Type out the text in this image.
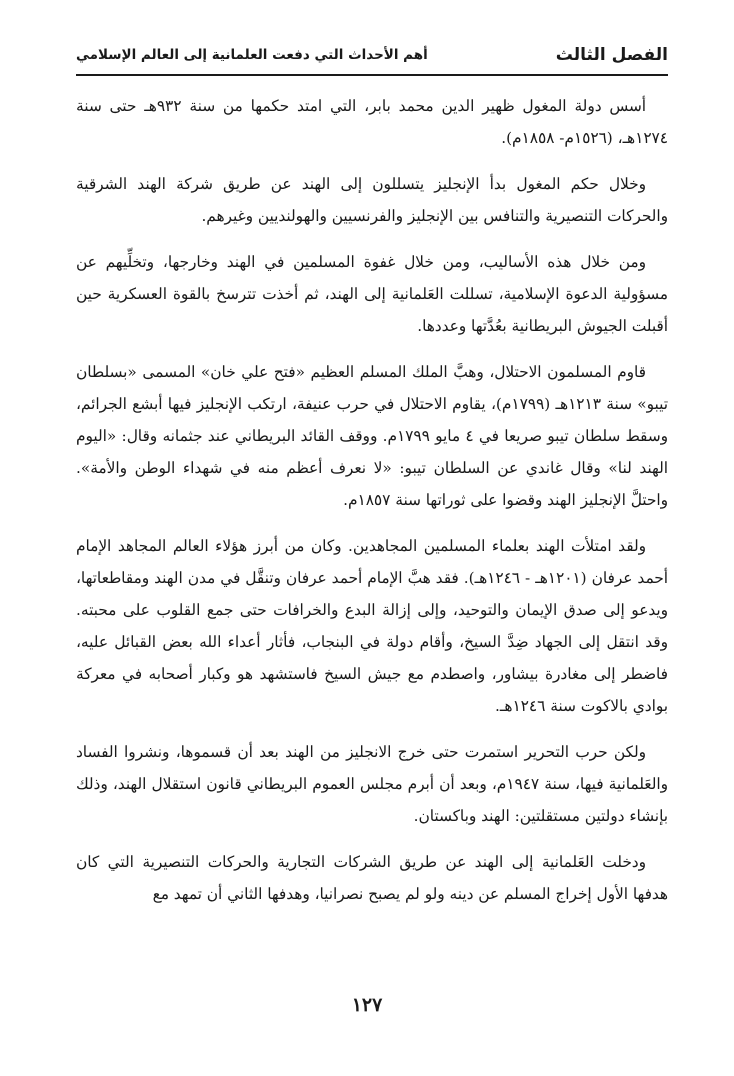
الفصل الثالث
أهم الأحداث التي دفعت العلمانية إلى العالم الإسلامي

أسس دولة المغول ظهير الدين محمد بابر، التي امتد حكمها من سنة ٩٣٢هـ حتى سنة ١٢٧٤هـ، (١٥٢٦م- ١٨٥٨م).

وخلال حكم المغول بدأ الإنجليز يتسللون إلى الهند عن طريق شركة الهند الشرقية والحركات التنصيرية والتنافس بين الإنجليز والفرنسيين والهولنديين وغيرهم.

ومن خلال هذه الأساليب، ومن خلال غفوة المسلمين في الهند وخارجها، وتخلِّيهم عن مسؤولية الدعوة الإسلامية، تسللت العَلمانية إلى الهند، ثم أخذت تترسخ بالقوة العسكرية حين أقبلت الجيوش البريطانية بعُدَّتها وعددها.

قاوم المسلمون الاحتلال، وهبَّ الملك المسلم العظيم «فتح علي خان» المسمى «بسلطان تيبو» سنة ١٢١٣هـ (١٧٩٩م)، يقاوم الاحتلال في حرب عنيفة، ارتكب الإنجليز فيها أبشع الجرائم، وسقط سلطان تيبو صريعا في ٤ مايو ١٧٩٩م. ووقف القائد البريطاني عند جثمانه وقال: «اليوم الهند لنا» وقال غاندي عن السلطان تيبو: «لا نعرف أعظم منه في شهداء الوطن والأمة». واحتلَّ الإنجليز الهند وقضوا على ثوراتها سنة ١٨٥٧م.

ولقد امتلأت الهند بعلماء المسلمين المجاهدين. وكان من أبرز هؤلاء العالم المجاهد الإمام أحمد عرفان (١٢٠١هـ - ١٢٤٦هـ). فقد هبَّ الإمام أحمد عرفان وتنقَّل في مدن الهند ومقاطعاتها، ويدعو إلى صدق الإيمان والتوحيد، وإلى إزالة البدع والخرافات حتى جمع القلوب على محبته. وقد انتقل إلى الجهاد ضِدَّ السيخ، وأقام دولة في البنجاب، فأثار أعداء الله بعض القبائل عليه، فاضطر إلى مغادرة بيشاور، واصطدم مع جيش السيخ فاستشهد هو وكبار أصحابه في معركة بوادي بالاكوت سنة ١٢٤٦هـ.

ولكن حرب التحرير استمرت حتى خرج الانجليز من الهند بعد أن قسموها، ونشروا الفساد والعَلمانية فيها، سنة ١٩٤٧م، وبعد أن أبرم مجلس العموم البريطاني قانون استقلال الهند، وذلك بإنشاء دولتين مستقلتين: الهند وباكستان.

ودخلت العَلمانية إلى الهند عن طريق الشركات التجارية والحركات التنصيرية التي كان هدفها الأول إخراج المسلم عن دينه ولو لم يصبح نصرانيا، وهدفها الثاني أن تمهد مع

١٢٧
